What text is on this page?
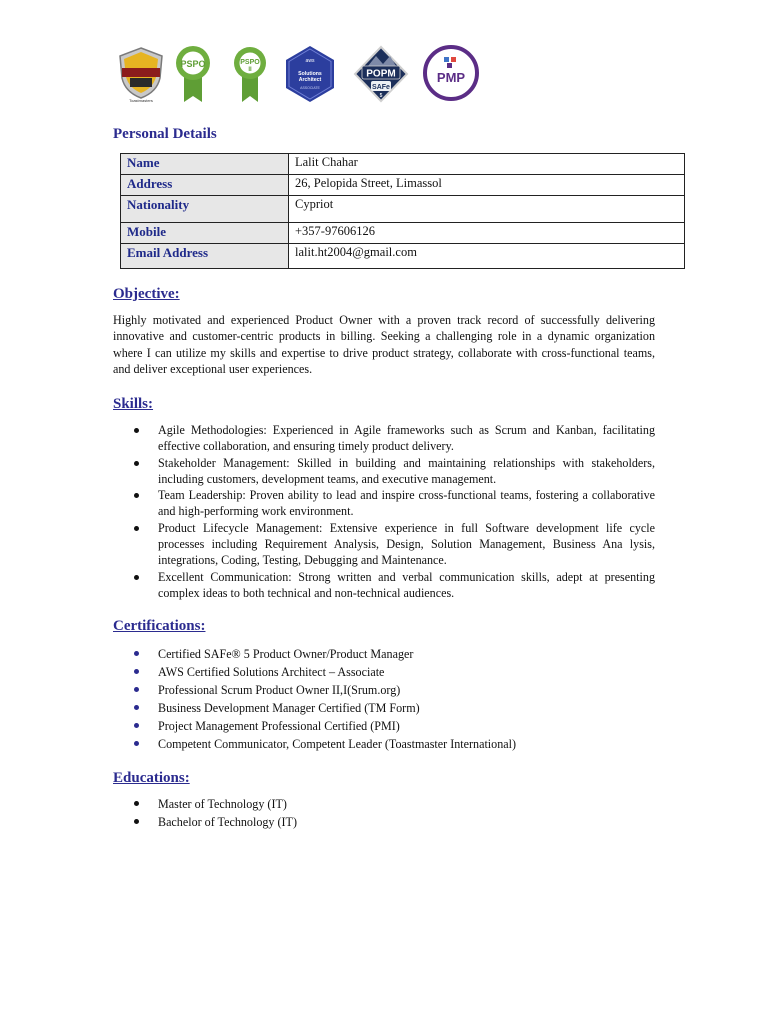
Toastmasters
PSPO	PSPO
II
aws
Solutions
Architect
ASSOCIATE
POPM
SAFe
5
PMP
Personal Details
Name	Lalit Chahar
Address	26, Pelopida Street, Limassol
Nationality	Cypriot
Mobile	+357-97606126
Email Address	lalit.ht2004@gmail.com
Objective:

Highly motivated and experienced Product Owner with a proven track record of successfully delivering innovative and customer-centric products in billing. Seeking a challenging role in a dynamic organization where I can utilize my skills and expertise to drive product strategy, collaborate with cross-functional teams, and deliver exceptional user experiences.

Skills:
Agile Methodologies: Experienced in Agile frameworks such as Scrum and Kanban, facilitating effective collaboration, and ensuring timely product delivery.
Stakeholder Management: Skilled in building and maintaining relationships with stakeholders, including customers, development teams, and executive management.
Team Leadership: Proven ability to lead and inspire cross-functional teams, fostering a collaborative and high-performing work environment.
Product Lifecycle Management: Extensive experience in full Software development life cycle processes including Requirement Analysis, Design, Solution Management, Business Ana lysis, integrations, Coding, Testing, Debugging and Maintenance.
Excellent Communication: Strong written and verbal communication skills, adept at presenting complex ideas to both technical and non-technical audiences.
Certifications:
Certified SAFe® 5 Product Owner/Product Manager
AWS Certified Solutions Architect – Associate
Professional Scrum Product Owner II,I(Srum.org)
Business Development Manager Certified (TM Form)
Project Management Professional Certified (PMI)
Competent Communicator, Competent Leader (Toastmaster International)
Educations:
Master of Technology (IT)
Bachelor of Technology (IT)
